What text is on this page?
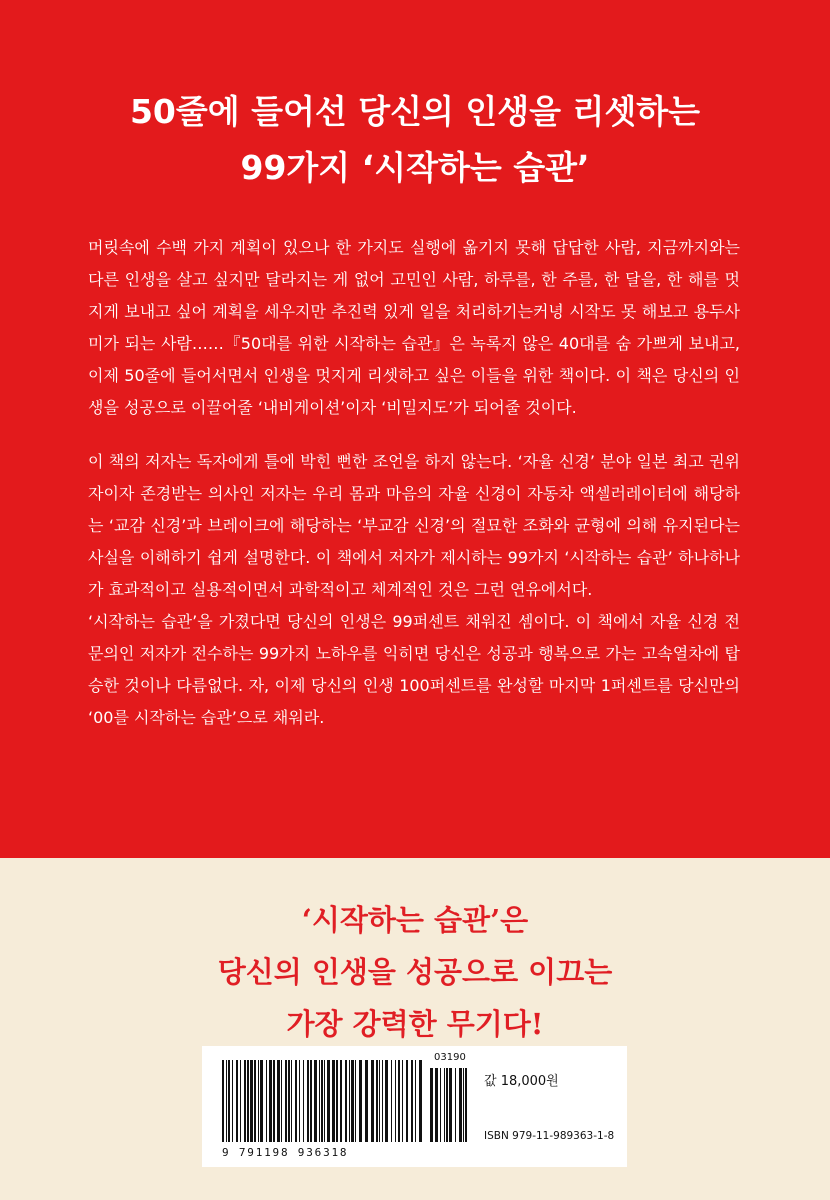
50줄에 들어선 당신의 인생을 리셋하는
99가지 ‘시작하는 습관’
머릿속에 수백 가지 계획이 있으나 한 가지도 실행에 옮기지 못해 답답한 사람, 지금까지와는 다른 인생을 살고 싶지만 달라지는 게 없어 고민인 사람, 하루를, 한 주를, 한 달을, 한 해를 멋지게 보내고 싶어 계획을 세우지만 추진력 있게 일을 처리하기는커녕 시작도 못 해보고 용두사미가 되는 사람……『50대를 위한 시작하는 습관』은 녹록지 않은 40대를 숨 가쁘게 보내고, 이제 50줄에 들어서면서 인생을 멋지게 리셋하고 싶은 이들을 위한 책이다. 이 책은 당신의 인생을 성공으로 이끌어줄 ‘내비게이션’이자 ‘비밀지도’가 되어줄 것이다.
이 책의 저자는 독자에게 틀에 박힌 뻔한 조언을 하지 않는다. ‘자율 신경’ 분야 일본 최고 권위자이자 존경받는 의사인 저자는 우리 몸과 마음의 자율 신경이 자동차 액셀러레이터에 해당하는 ‘교감 신경’과 브레이크에 해당하는 ‘부교감 신경’의 절묘한 조화와 균형에 의해 유지된다는 사실을 이해하기 쉽게 설명한다. 이 책에서 저자가 제시하는 99가지 ‘시작하는 습관’ 하나하나가 효과적이고 실용적이면서 과학적이고 체계적인 것은 그런 연유에서다.
‘시작하는 습관’을 가졌다면 당신의 인생은 99퍼센트 채워진 셈이다. 이 책에서 자율 신경 전문의인 저자가 전수하는 99가지 노하우를 익히면 당신은 성공과 행복으로 가는 고속열차에 탑승한 것이나 다름없다. 자, 이제 당신의 인생 100퍼센트를 완성할 마지막 1퍼센트를 당신만의 ‘00를 시작하는 습관’으로 채워라.
‘시작하는 습관’은
당신의 인생을 성공으로 이끄는
가장 강력한 무기다!
9 791198 936318
03190
값 18,000원
ISBN 979-11-989363-1-8
